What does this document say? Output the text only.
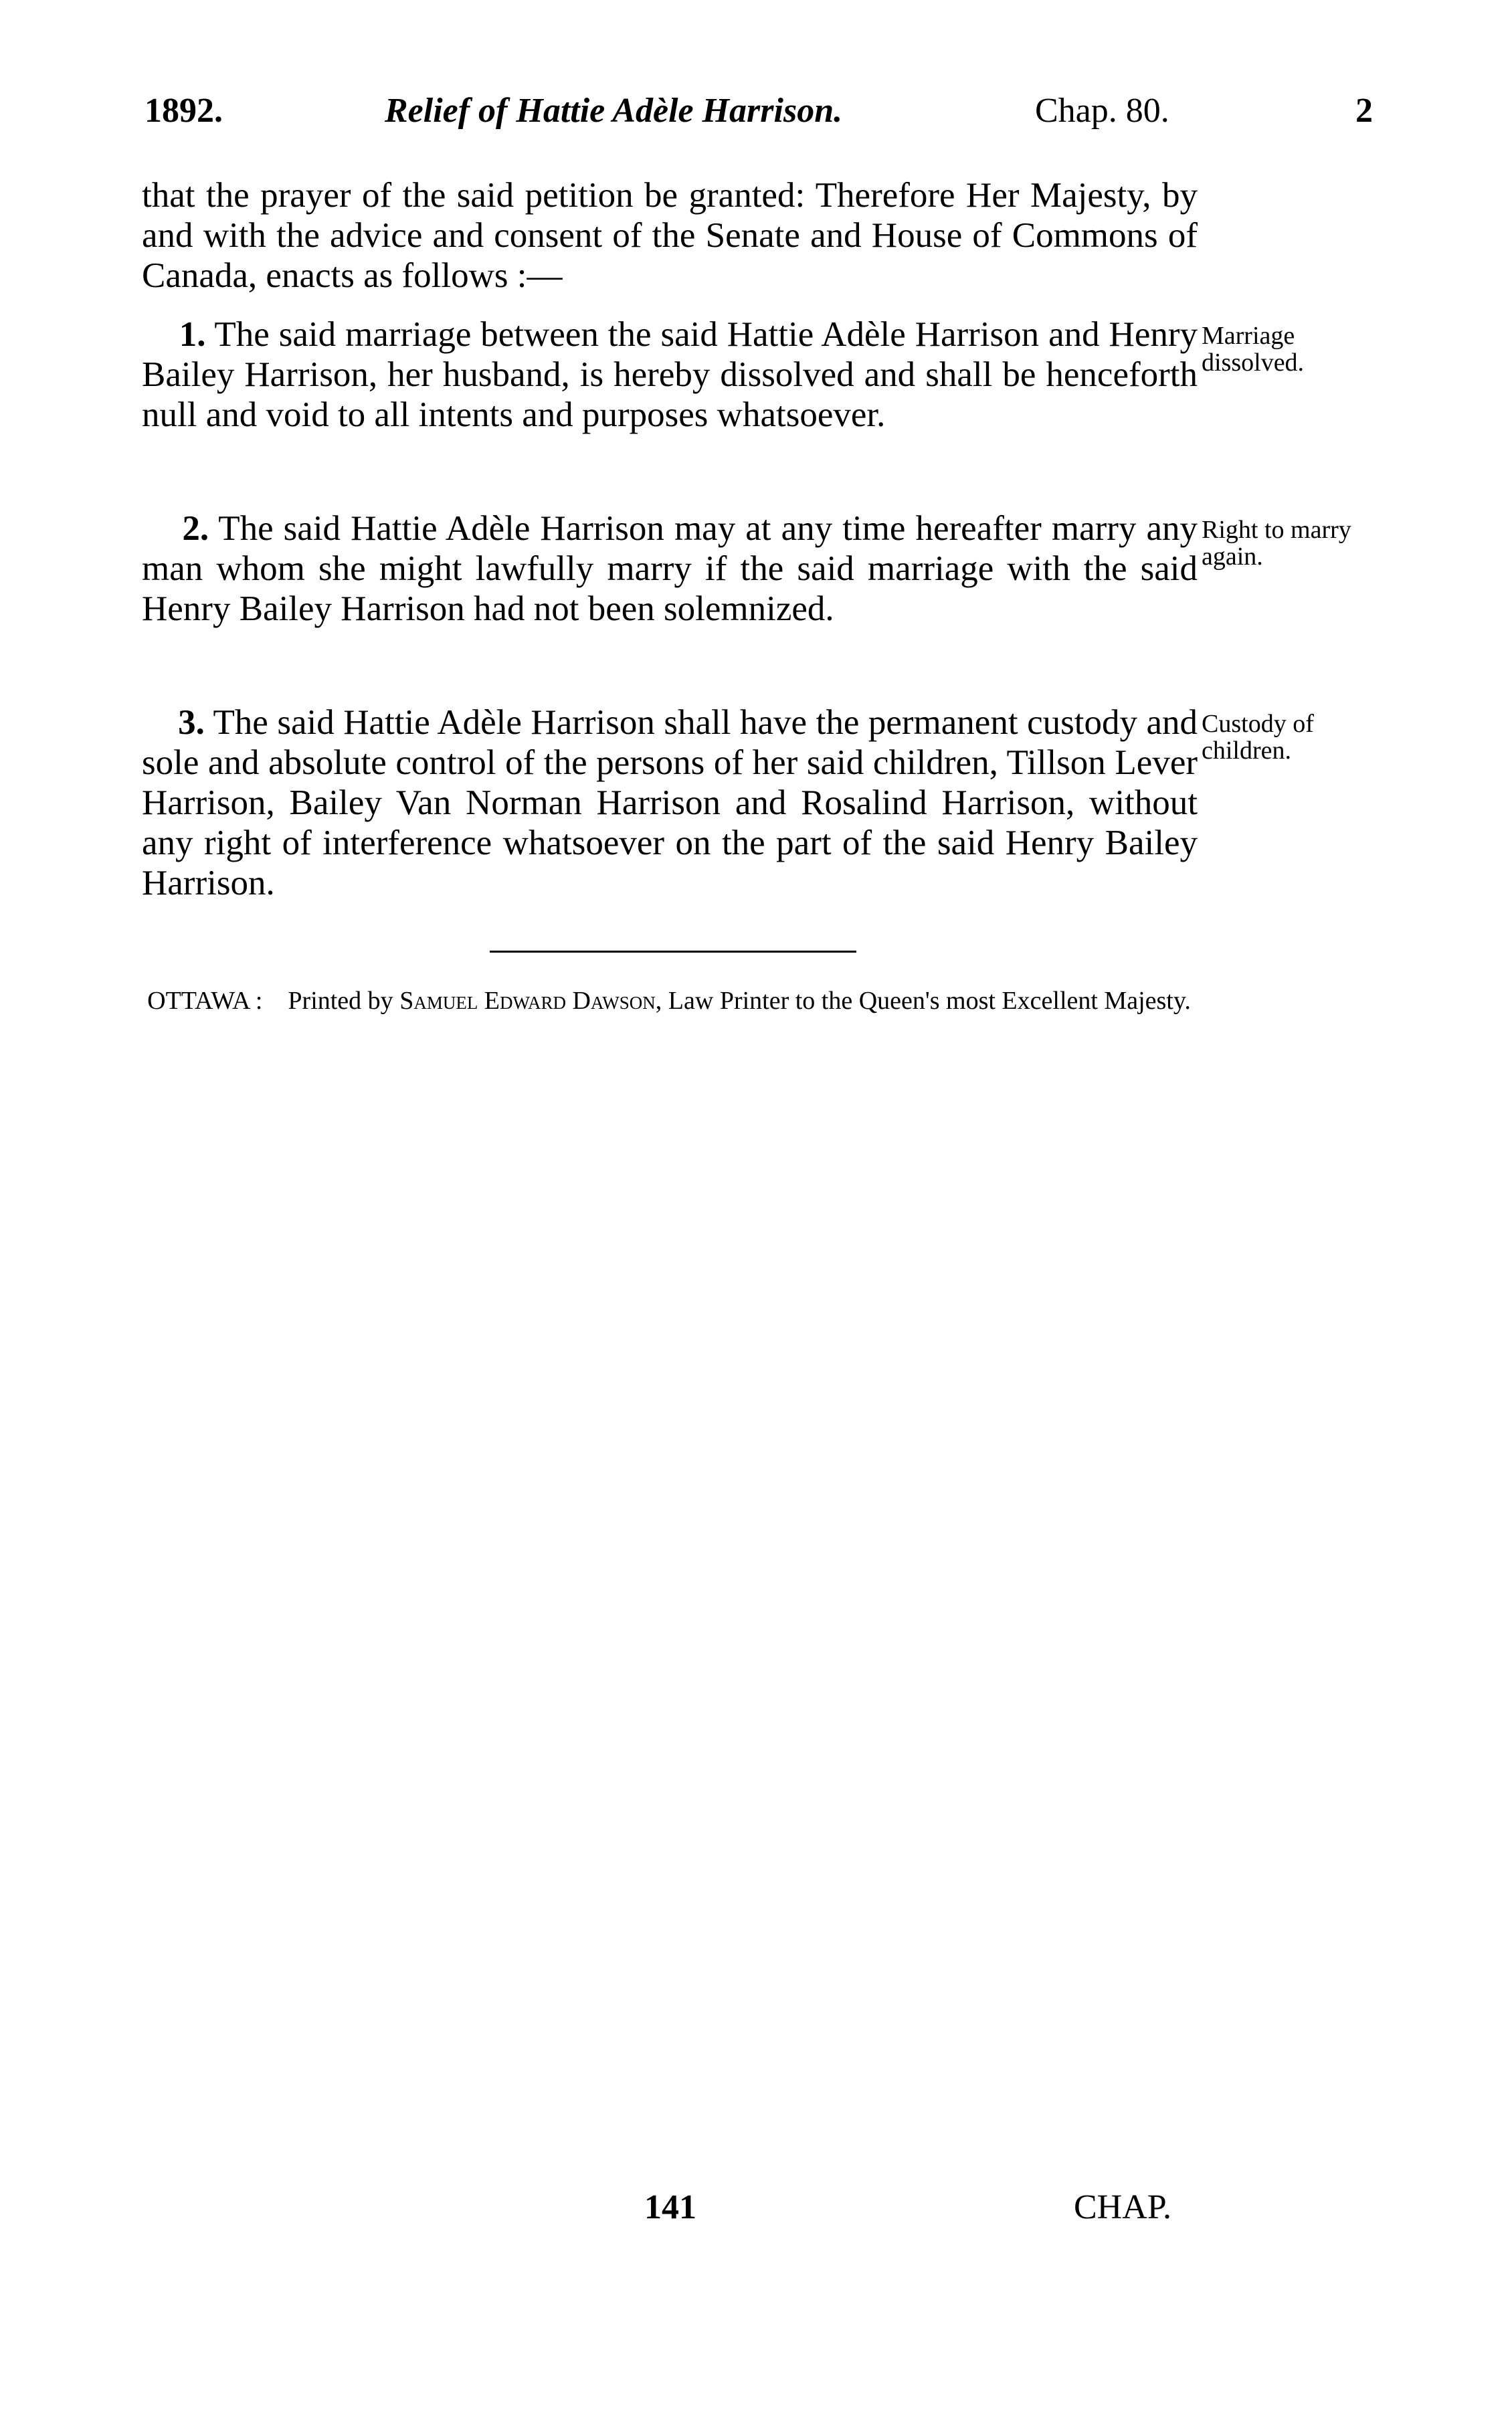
1892.	Relief of Hattie Adèle Harrison.	Chap. 80.	2
that the prayer of the said petition be granted: Therefore Her Majesty, by and with the advice and consent of the Senate and House of Commons of Canada, enacts as follows :—
1. The said marriage between the said Hattie Adèle Harrison and Henry Bailey Harrison, her husband, is hereby dissolved and shall be henceforth null and void to all intents and purposes whatsoever.
Marriage dissolved.
2. The said Hattie Adèle Harrison may at any time hereafter marry any man whom she might lawfully marry if the said marriage with the said Henry Bailey Harrison had not been solemnized.
Right to marry again.
3. The said Hattie Adèle Harrison shall have the permanent custody and sole and absolute control of the persons of her said children, Tillson Lever Harrison, Bailey Van Norman Harrison and Rosalind Harrison, without any right of interference whatsoever on the part of the said Henry Bailey Harrison.
Custody of children.
OTTAWA : Printed by Samuel Edward Dawson, Law Printer to the Queen's most Excellent Majesty.
141	CHAP.
